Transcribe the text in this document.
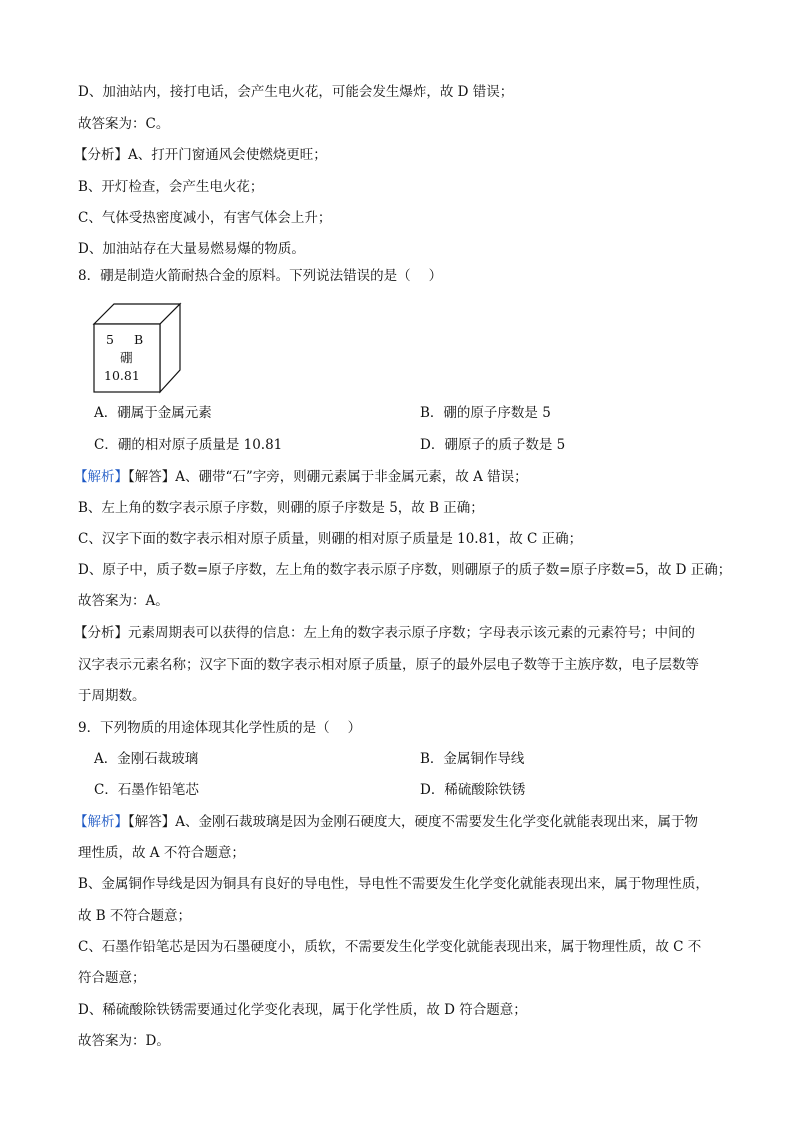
D、加油站内，接打电话，会产生电火花，可能会发生爆炸，故 D 错误；
故答案为：C。
【分析】A、打开门窗通风会使燃烧更旺；
B、开灯检查，会产生电火花；
C、气体受热密度减小，有害气体会上升；
D、加油站存在大量易燃易爆的物质。
8．硼是制造火箭耐热合金的原料。下列说法错误的是（ ）
5 B
硼
10.81
A．硼属于金属元素	B．硼的原子序数是 5
C．硼的相对原子质量是 10.81	D．硼原子的质子数是 5
【解析】【解答】A、硼带“石”字旁，则硼元素属于非金属元素，故 A 错误；
B、左上角的数字表示原子序数，则硼的原子序数是 5，故 B 正确；
C、汉字下面的数字表示相对原子质量，则硼的相对原子质量是 10.81，故 C 正确；
D、原子中，质子数=原子序数，左上角的数字表示原子序数，则硼原子的质子数=原子序数=5，故 D 正确；
故答案为：A。
【分析】元素周期表可以获得的信息：左上角的数字表示原子序数；字母表示该元素的元素符号；中间的
汉字表示元素名称；汉字下面的数字表示相对原子质量，原子的最外层电子数等于主族序数，电子层数等
于周期数。
9．下列物质的用途体现其化学性质的是（ ）
A．金刚石裁玻璃	B．金属铜作导线
C．石墨作铅笔芯	D．稀硫酸除铁锈
【解析】【解答】A、金刚石裁玻璃是因为金刚石硬度大，硬度不需要发生化学变化就能表现出来，属于物
理性质，故 A 不符合题意；
B、金属铜作导线是因为铜具有良好的导电性，导电性不需要发生化学变化就能表现出来，属于物理性质，
故 B 不符合题意；
C、石墨作铅笔芯是因为石墨硬度小，质软，不需要发生化学变化就能表现出来，属于物理性质，故 C 不
符合题意；
D、稀硫酸除铁锈需要通过化学变化表现，属于化学性质，故 D 符合题意；
故答案为：D。
